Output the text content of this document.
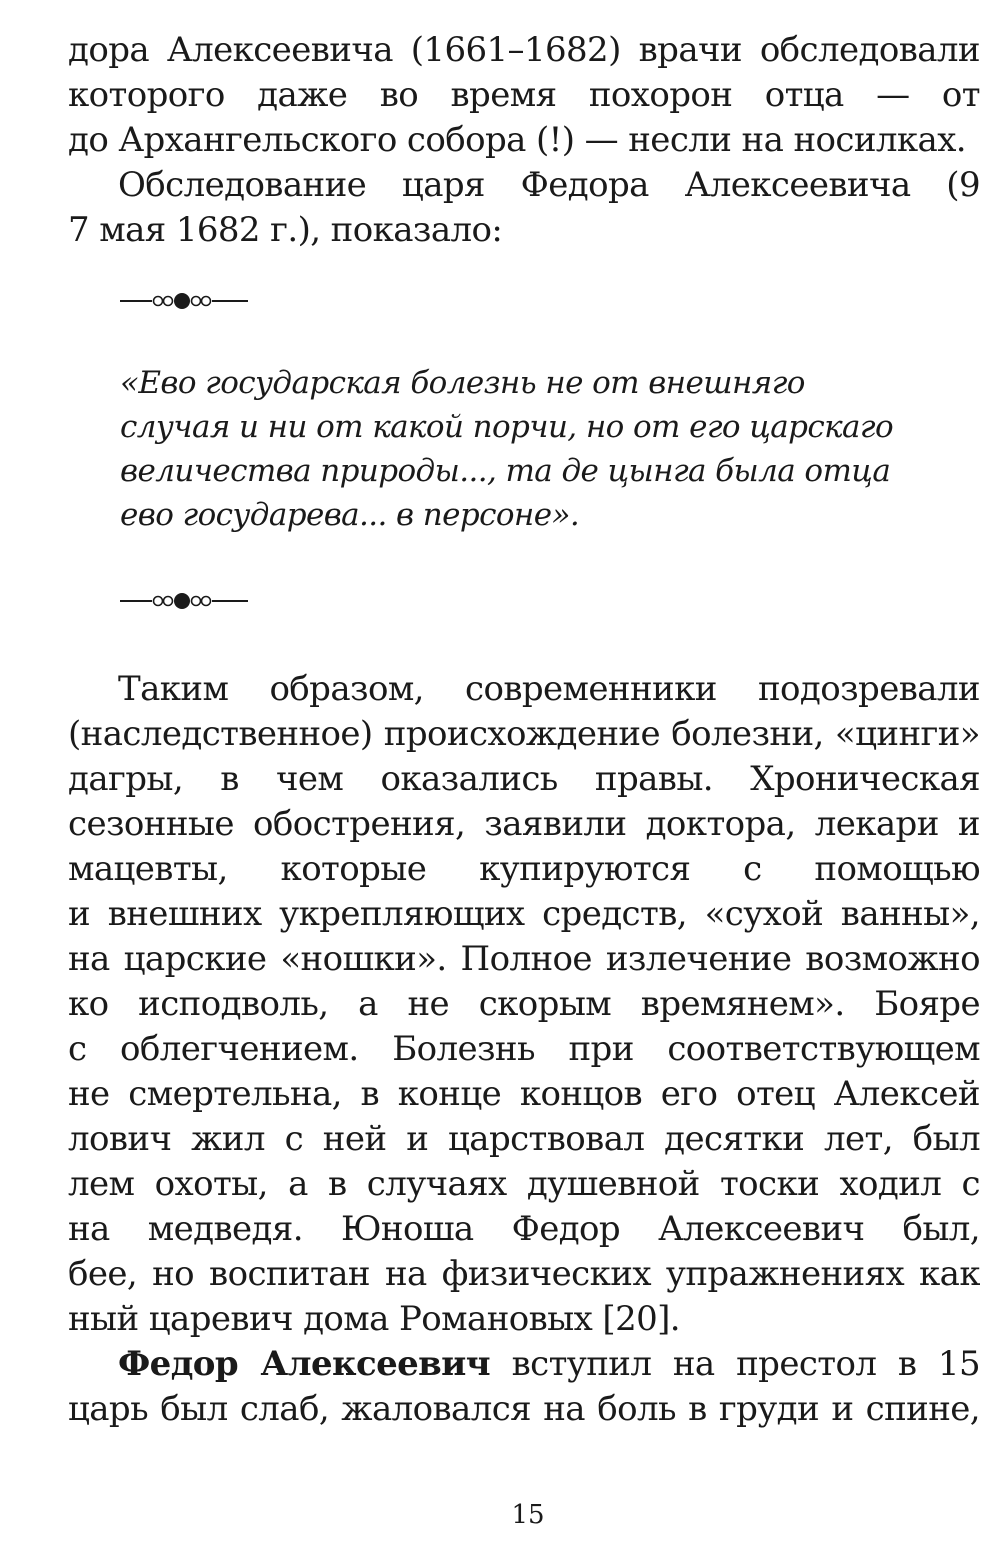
дора Алексеевича (1661–1682) врачи обследовали
которого даже во время похорон отца — от
до Архангельского собора (!) — несли на носилках.
Обследование царя Федора Алексеевича (9
7 мая 1682 г.), показало:
«Ево государская болезнь не от внешняго
случая и ни от какой порчи, но от его царскаго
величества природы..., та де цынга была отца
ево государева... в персоне».
Таким образом, современники подозревали
(наследственное) происхождение болезни, «цинги»
дагры, в чем оказались правы. Хроническая
сезонные обострения, заявили доктора, лекари и
мацевты, которые купируются с помощью
и внешних укрепляющих средств, «сухой ванны»,
на царские «ношки». Полное излечение возможно
ко исподволь, а не скорым времянем». Бояре
с облегчением. Болезнь при соответствующем
не смертельна, в конце концов его отец Алексей
лович жил с ней и царствовал десятки лет, был
лем охоты, а в случаях душевной тоски ходил с
на медведя. Юноша Федор Алексеевич был,
бее, но воспитан на физических упражнениях как
ный царевич дома Романовых [20].
Федор Алексеевич вступил на престол в 15
царь был слаб, жаловался на боль в груди и спине,
15
